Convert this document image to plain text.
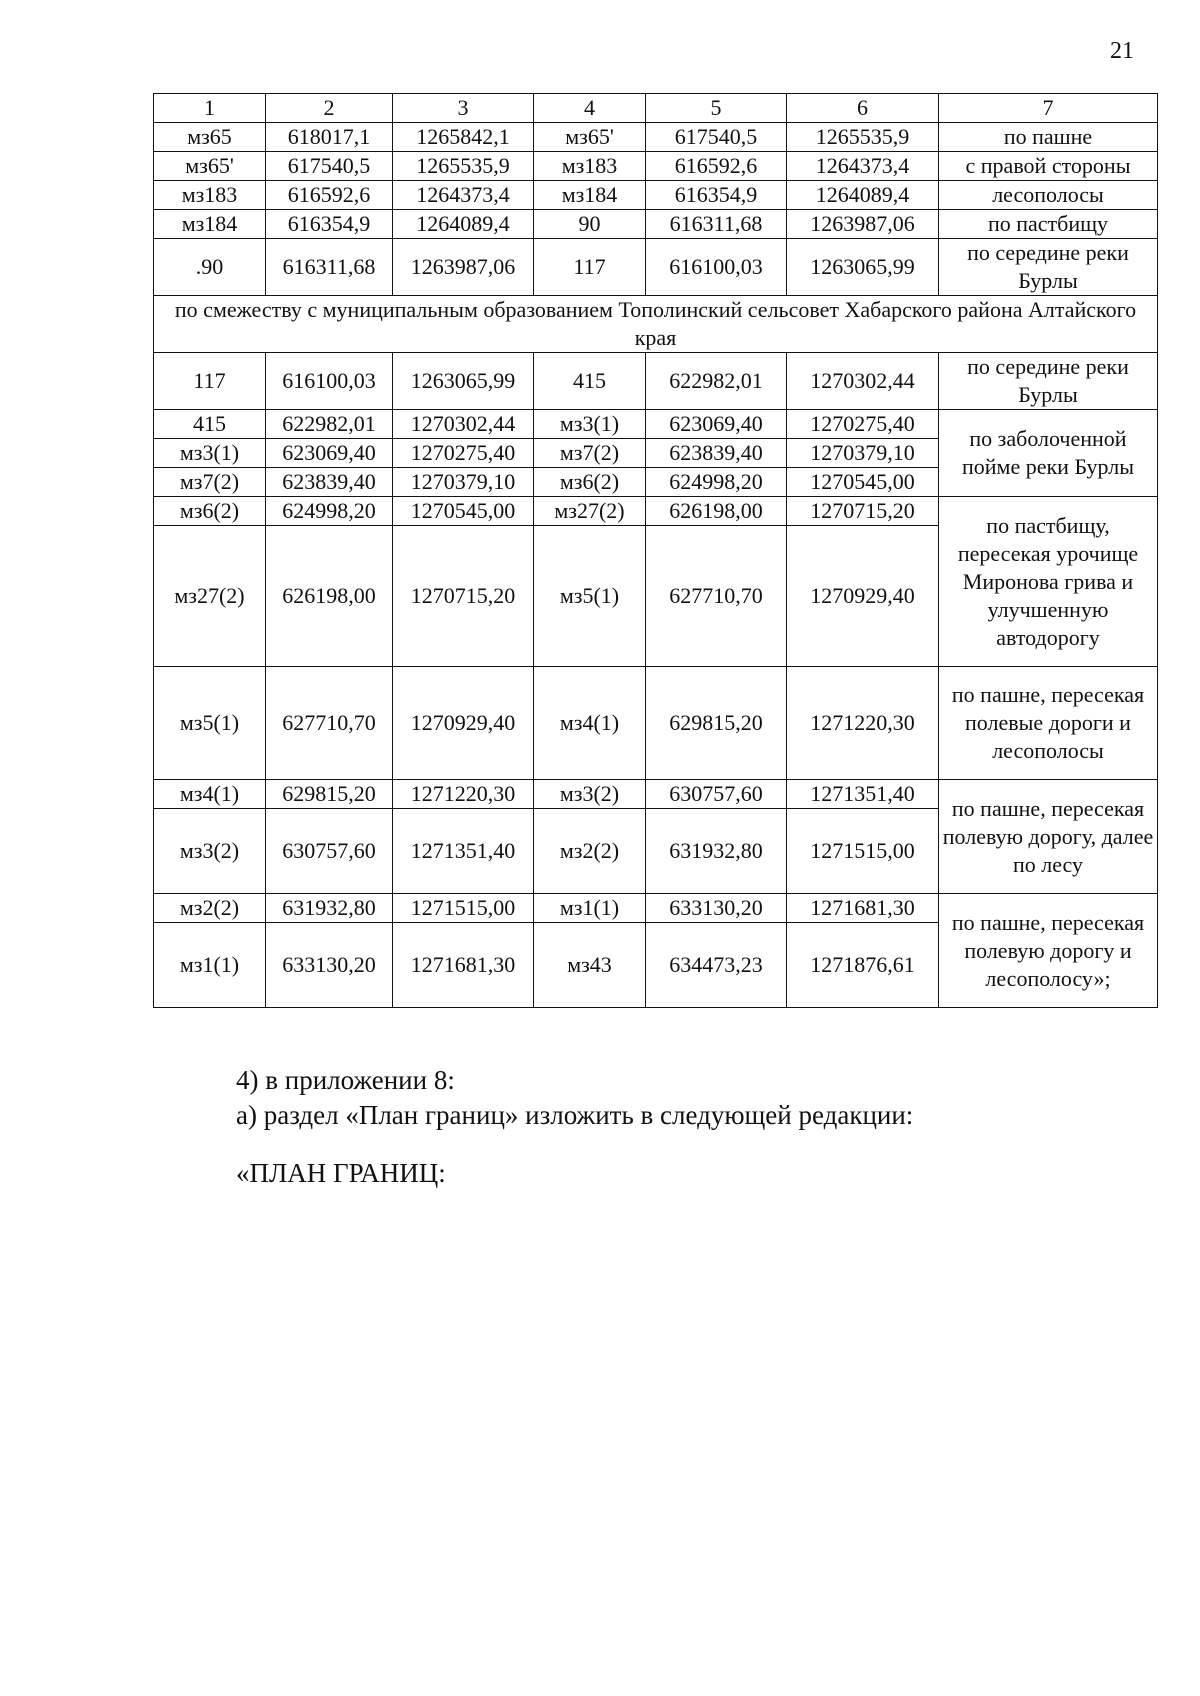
21
1	2	3	4	5	6	7
мз65	618017,1	1265842,1	мз65'	617540,5	1265535,9	по пашне
мз65'	617540,5	1265535,9	мз183	616592,6	1264373,4	с правой стороны
мз183	616592,6	1264373,4	мз184	616354,9	1264089,4	лесополосы
мз184	616354,9	1264089,4	90	616311,68	1263987,06	по пастбищу
.90	616311,68	1263987,06	117	616100,03	1263065,99	по середине реки Бурлы
по смежеству с муниципальным образованием Тополинский сельсовет Хабарского района Алтайского края						
117	616100,03	1263065,99	415	622982,01	1270302,44	по середине реки Бурлы
415	622982,01	1270302,44	мз3(1)	623069,40	1270275,40	по заболоченной пойме реки Бурлы
мз3(1)	623069,40	1270275,40	мз7(2)	623839,40	1270379,10	
мз7(2)	623839,40	1270379,10	мз6(2)	624998,20	1270545,00	
мз6(2)	624998,20	1270545,00	мз27(2)	626198,00	1270715,20	по пастбищу, пересекая урочище Миронова грива и улучшенную автодорогу
мз27(2)	626198,00	1270715,20	мз5(1)	627710,70	1270929,40	
мз5(1)	627710,70	1270929,40	мз4(1)	629815,20	1271220,30	по пашне, пересекая полевые дороги и лесополосы
мз4(1)	629815,20	1271220,30	мз3(2)	630757,60	1271351,40	по пашне, пересекая полевую дорогу, далее по лесу
мз3(2)	630757,60	1271351,40	мз2(2)	631932,80	1271515,00	
мз2(2)	631932,80	1271515,00	мз1(1)	633130,20	1271681,30	по пашне, пересекая полевую дорогу и лесополосу»;
мз1(1)	633130,20	1271681,30	мз43	634473,23	1271876,61	
4) в приложении 8:
а) раздел «План границ» изложить в следующей редакции:
«ПЛАН ГРАНИЦ:
